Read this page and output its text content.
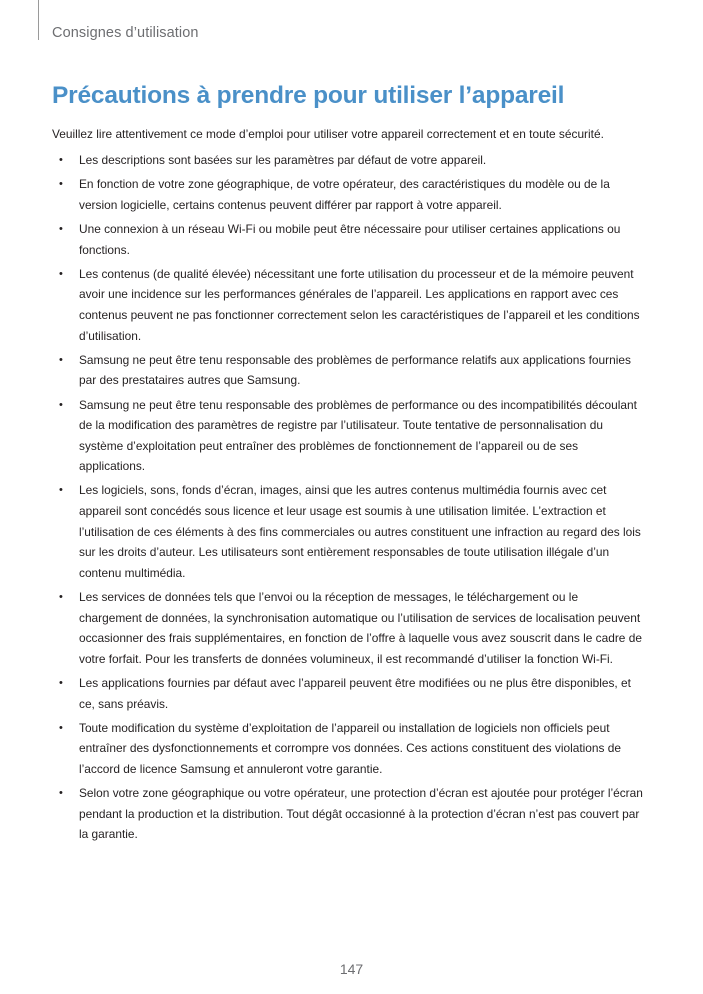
Consignes d’utilisation
Précautions à prendre pour utiliser l’appareil

Veuillez lire attentivement ce mode d’emploi pour utiliser votre appareil correctement et en toute sécurité.

• Les descriptions sont basées sur les paramètres par défaut de votre appareil.
• En fonction de votre zone géographique, de votre opérateur, des caractéristiques du modèle ou de la version logicielle, certains contenus peuvent différer par rapport à votre appareil.
• Une connexion à un réseau Wi-Fi ou mobile peut être nécessaire pour utiliser certaines applications ou fonctions.
• Les contenus (de qualité élevée) nécessitant une forte utilisation du processeur et de la mémoire peuvent avoir une incidence sur les performances générales de l’appareil. Les applications en rapport avec ces contenus peuvent ne pas fonctionner correctement selon les caractéristiques de l’appareil et les conditions d’utilisation.
• Samsung ne peut être tenu responsable des problèmes de performance relatifs aux applications fournies par des prestataires autres que Samsung.
• Samsung ne peut être tenu responsable des problèmes de performance ou des incompatibilités découlant de la modification des paramètres de registre par l’utilisateur. Toute tentative de personnalisation du système d’exploitation peut entraîner des problèmes de fonctionnement de l’appareil ou de ses applications.
• Les logiciels, sons, fonds d’écran, images, ainsi que les autres contenus multimédia fournis avec cet appareil sont concédés sous licence et leur usage est soumis à une utilisation limitée. L’extraction et l’utilisation de ces éléments à des fins commerciales ou autres constituent une infraction au regard des lois sur les droits d’auteur. Les utilisateurs sont entièrement responsables de toute utilisation illégale d’un contenu multimédia.
• Les services de données tels que l’envoi ou la réception de messages, le téléchargement ou le chargement de données, la synchronisation automatique ou l’utilisation de services de localisation peuvent occasionner des frais supplémentaires, en fonction de l’offre à laquelle vous avez souscrit dans le cadre de votre forfait. Pour les transferts de données volumineux, il est recommandé d’utiliser la fonction Wi-Fi.
• Les applications fournies par défaut avec l’appareil peuvent être modifiées ou ne plus être disponibles, et ce, sans préavis.
• Toute modification du système d’exploitation de l’appareil ou installation de logiciels non officiels peut entraîner des dysfonctionnements et corrompre vos données. Ces actions constituent des violations de l’accord de licence Samsung et annuleront votre garantie.
• Selon votre zone géographique ou votre opérateur, une protection d’écran est ajoutée pour protéger l’écran pendant la production et la distribution. Tout dégât occasionné à la protection d’écran n’est pas couvert par la garantie.
147
